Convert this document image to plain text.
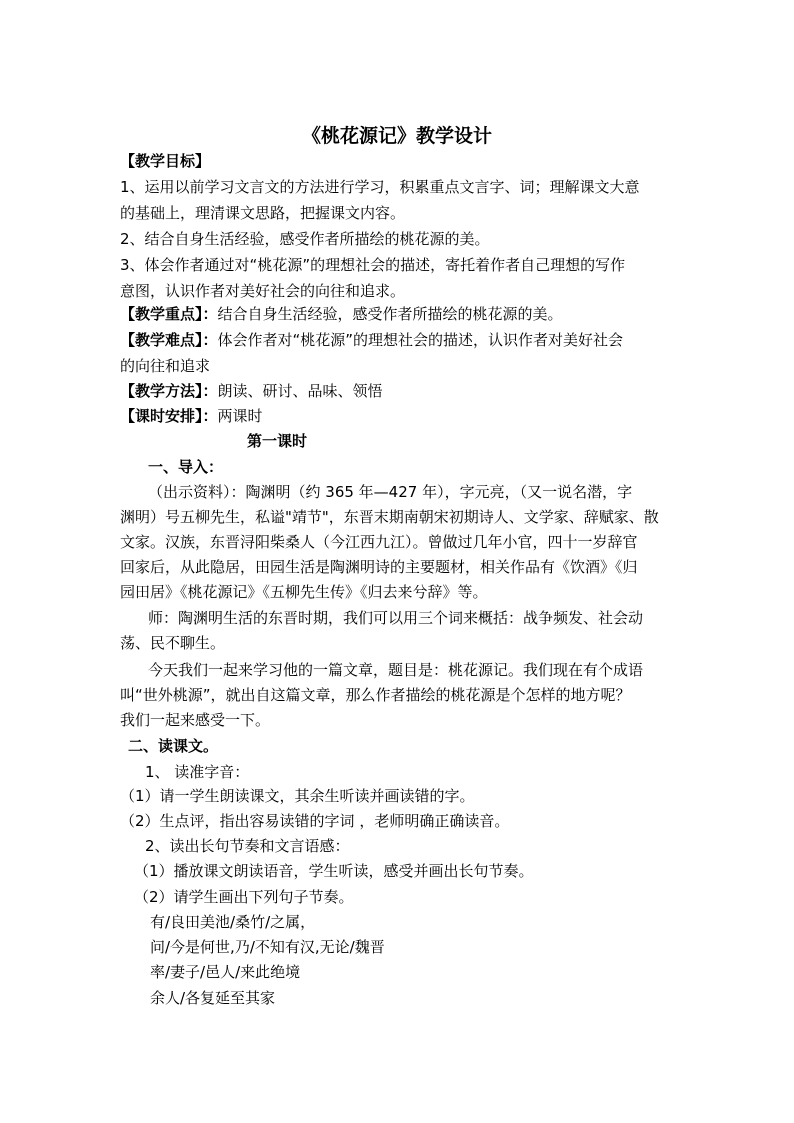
《桃花源记》教学设计
【教学目标】
1、运用以前学习文言文的方法进行学习，积累重点文言字、词；理解课文大意
的基础上，理清课文思路，把握课文内容。
2、结合自身生活经验，感受作者所描绘的桃花源的美。
3、体会作者通过对“桃花源”的理想社会的描述，寄托着作者自己理想的写作
意图，认识作者对美好社会的向往和追求。
【教学重点】：结合自身生活经验，感受作者所描绘的桃花源的美。
【教学难点】：体会作者对“桃花源”的理想社会的描述，认识作者对美好社会
的向往和追求
【教学方法】：朗读、研讨、品味、领悟
【课时安排】：两课时
第一课时
一、导入：
（出示资料）：陶渊明（约 365 年—427 年），字元亮，（又一说名潜，字
渊明）号五柳先生，私谥"靖节"，东晋末期南朝宋初期诗人、文学家、辞赋家、散
文家。汉族，东晋浔阳柴桑人（今江西九江）。曾做过几年小官，四十一岁辞官
回家后，从此隐居，田园生活是陶渊明诗的主要题材，相关作品有《饮酒》《归
园田居》《桃花源记》《五柳先生传》《归去来兮辞》等。
师：陶渊明生活的东晋时期，我们可以用三个词来概括：战争频发、社会动
荡、民不聊生。
今天我们一起来学习他的一篇文章，题目是：桃花源记。我们现在有个成语
叫“世外桃源”，就出自这篇文章，那么作者描绘的桃花源是个怎样的地方呢？
我们一起来感受一下。
二、读课文。
1、 读准字音：
（1）请一学生朗读课文，其余生听读并画读错的字。
（2）生点评，指出容易读错的字词 ，老师明确正确读音。
2、读出长句节奏和文言语感：
（1）播放课文朗读语音，学生听读，感受并画出长句节奏。
（2）请学生画出下列句子节奏。
有/良田美池/桑竹/之属，
问/今是何世,乃/不知有汉,无论/魏晋
率/妻子/邑人/来此绝境
余人/各复延至其家
